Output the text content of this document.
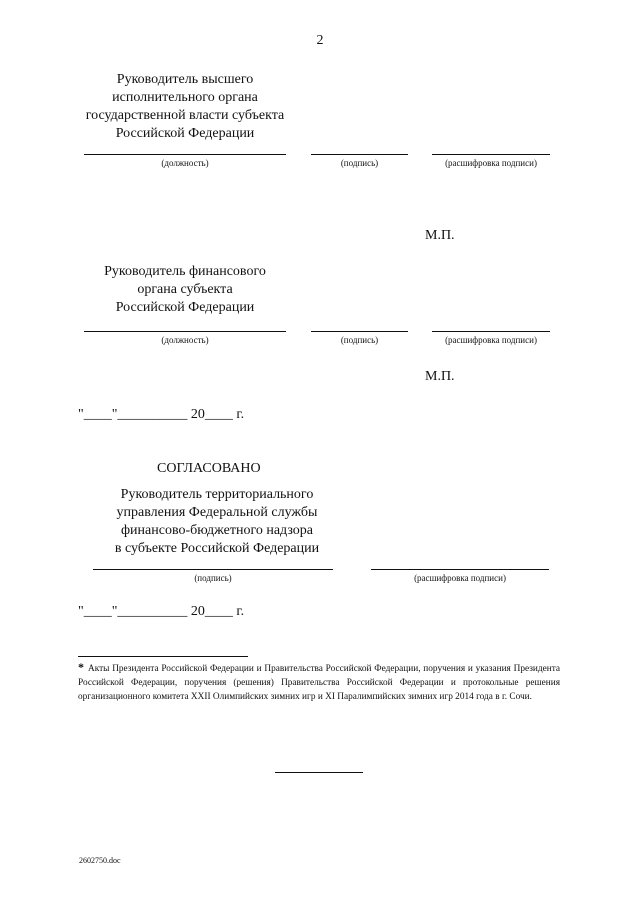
2
Руководитель высшего
исполнительного органа
государственной власти субъекта
Российской Федерации
(должность)	(подпись)	(расшифровка подписи)
М.П.
Руководитель финансового
органа субъекта
Российской Федерации
(должность)	(подпись)	(расшифровка подписи)
М.П.
"____"__________ 20____ г.
СОГЛАСОВАНО
Руководитель территориального
управления Федеральной службы
финансово-бюджетного надзора
в субъекте Российской Федерации
(подпись)	(расшифровка подписи)
"____"__________ 20____ г.
* Акты Президента Российской Федерации и Правительства Российской Федерации, поручения и указания Президента Российской Федерации, поручения (решения) Правительства Российской Федерации и протокольные решения организационного комитета XXII Олимпийских зимних игр и XI Паралимпийских зимних игр 2014 года в г. Сочи.
2602750.doc
